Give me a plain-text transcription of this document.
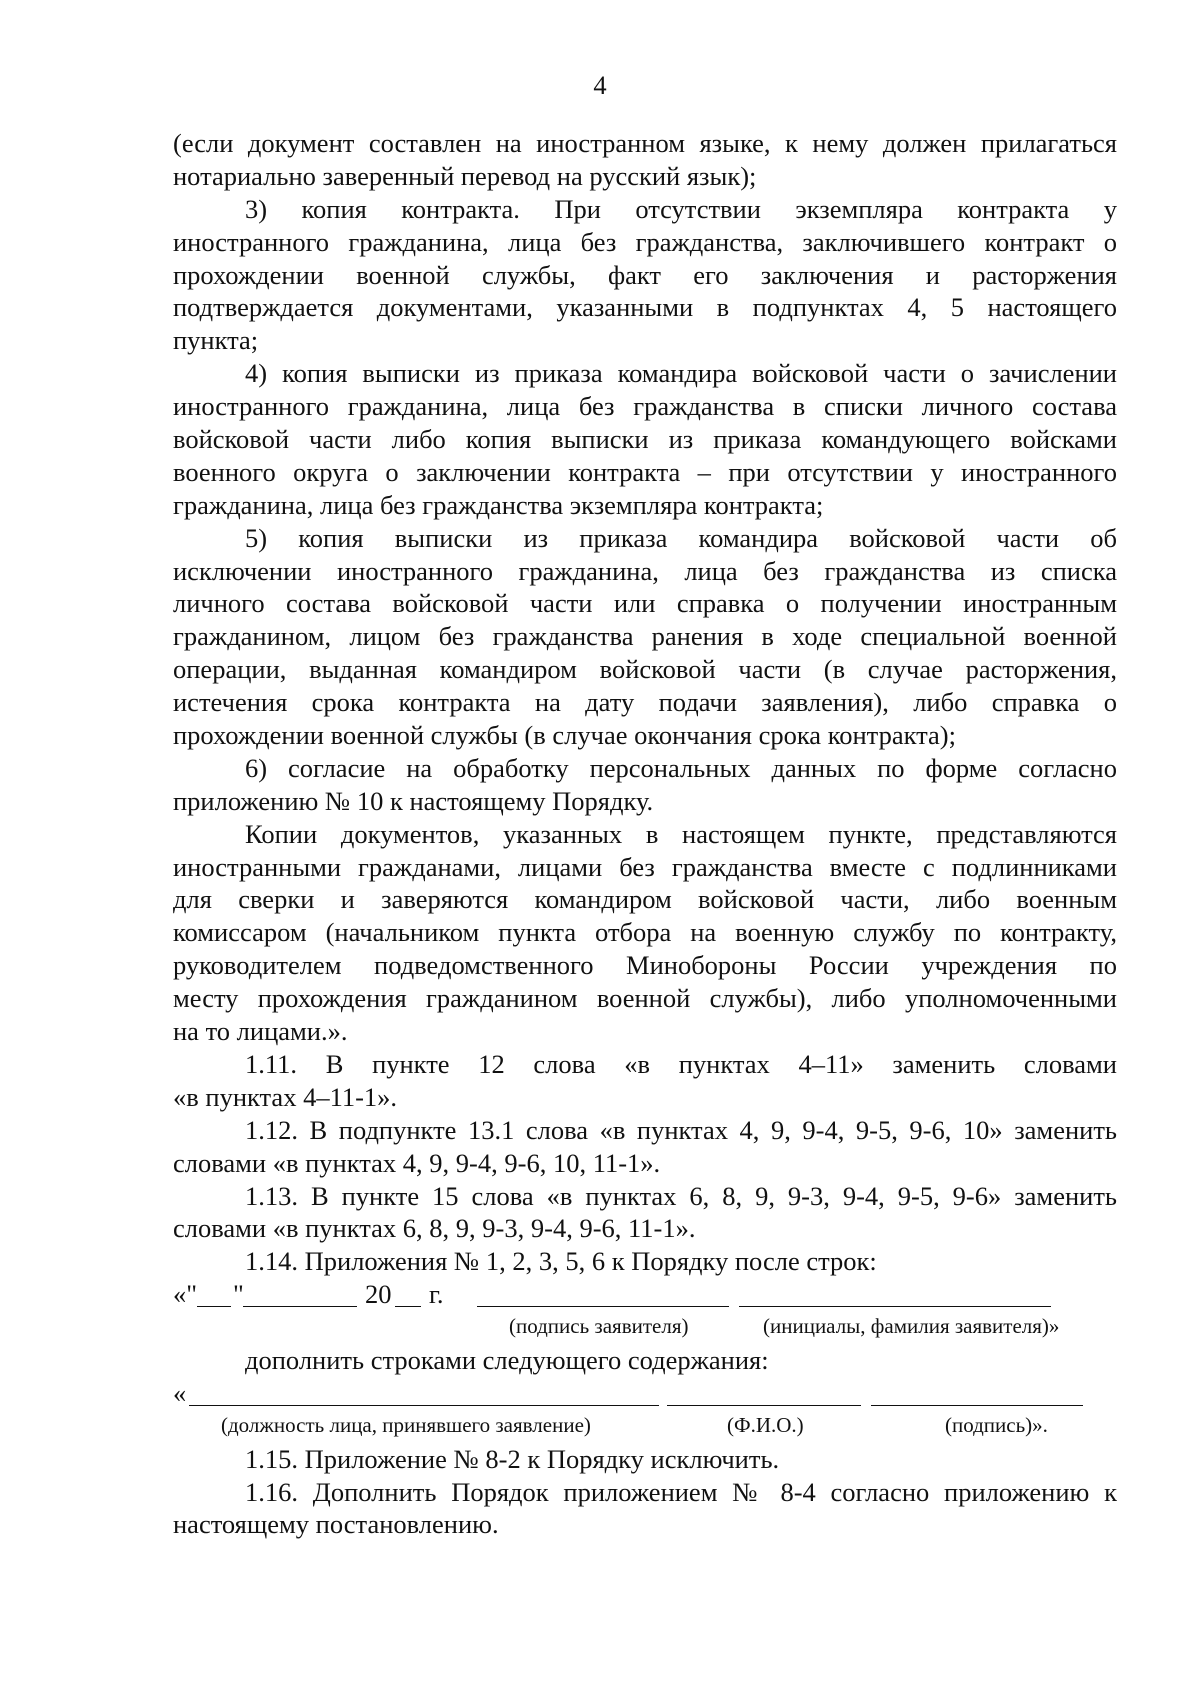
4
(если документ составлен на иностранном языке, к нему должен прилагаться
нотариально заверенный перевод на русский язык);
3) копия контракта. При отсутствии экземпляра контракта у
иностранного гражданина, лица без гражданства, заключившего контракт о
прохождении военной службы, факт его заключения и расторжения
подтверждается документами, указанными в подпунктах 4, 5 настоящего
пункта;
4) копия выписки из приказа командира войсковой части о зачислении
иностранного гражданина, лица без гражданства в списки личного состава
войсковой части либо копия выписки из приказа командующего войсками
военного округа о заключении контракта – при отсутствии у иностранного
гражданина, лица без гражданства экземпляра контракта;
5) копия выписки из приказа командира войсковой части об
исключении иностранного гражданина, лица без гражданства из списка
личного состава войсковой части или справка о получении иностранным
гражданином, лицом без гражданства ранения в ходе специальной военной
операции, выданная командиром войсковой части (в случае расторжения,
истечения срока контракта на дату подачи заявления), либо справка о
прохождении военной службы (в случае окончания срока контракта);
6) согласие на обработку персональных данных по форме согласно
приложению № 10 к настоящему Порядку.
Копии документов, указанных в настоящем пункте, представляются
иностранными гражданами, лицами без гражданства вместе с подлинниками
для сверки и заверяются командиром войсковой части, либо военным
комиссаром (начальником пункта отбора на военную службу по контракту,
руководителем подведомственного Минобороны России учреждения по
месту прохождения гражданином военной службы), либо уполномоченными
на то лицами.».
1.11. В пункте 12 слова «в пунктах 4–11» заменить словами
«в пунктах 4–11-1».
1.12. В подпункте 13.1 слова «в пунктах 4, 9, 9-4, 9-5, 9-6, 10» заменить
словами «в пунктах 4, 9, 9-4, 9-6, 10, 11-1».
1.13. В пункте 15 слова «в пунктах 6, 8, 9, 9-3, 9-4, 9-5, 9-6» заменить
словами «в пунктах 6, 8, 9, 9-3, 9-4, 9-6, 11-1».
1.14. Приложения № 1, 2, 3, 5, 6 к Порядку после строк:
«" "	20 г.
(подпись заявителя)	(инициалы, фамилия заявителя)»
дополнить строками следующего содержания:
«
(должность лица, принявшего заявление)	(Ф.И.О.)	(подпись)».
1.15. Приложение № 8-2 к Порядку исключить.
1.16. Дополнить Порядок приложением № 8-4 согласно приложению к
настоящему постановлению.
